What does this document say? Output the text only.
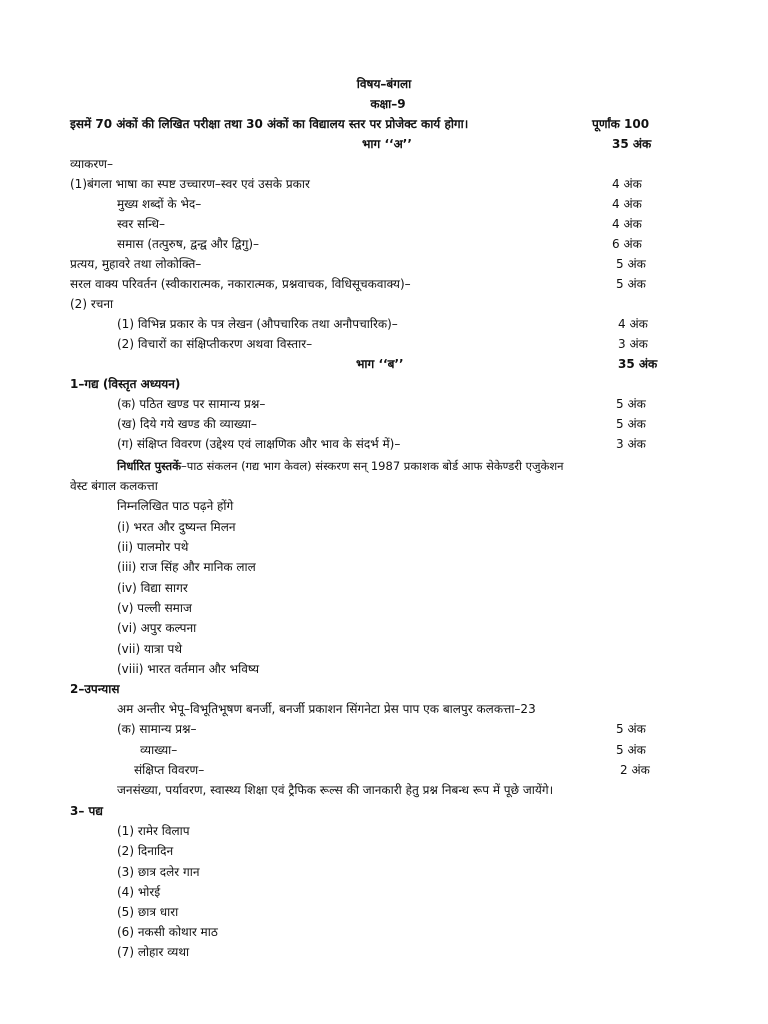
विषय–बंगला
कक्षा–9
इसमें 70 अंकों की लिखित परीक्षा तथा 30 अंकों का विद्यालय स्तर पर प्रोजेक्ट कार्य होगा।	पूर्णांक 100
भाग ‘‘अ’’	35 अंक
व्याकरण–
(1)बंगला भाषा का स्पष्ट उच्चारण–स्वर एवं उसके प्रकार	4 अंक
मुख्य शब्दों के भेद–	4 अंक
स्वर सन्धि–	4 अंक
समास (तत्पुरुष, द्वन्द्व और द्विगु)–	6 अंक
प्रत्यय, मुहावरे तथा लोकोक्ति–	5 अंक
सरल वाक्य परिवर्तन (स्वीकारात्मक, नकारात्मक, प्रश्नवाचक, विधिसूचकवाक्य)–	5 अंक
(2) रचना
(1) विभिन्न प्रकार के पत्र लेखन (औपचारिक तथा अनौपचारिक)–	4 अंक
(2) विचारों का संक्षिप्तीकरण अथवा विस्तार–	3 अंक
भाग ‘‘ब’’	35 अंक
1–गद्य (विस्तृत अध्ययन)
(क) पठित खण्ड पर सामान्य प्रश्न–	5 अंक
(ख) दिये गये खण्ड की व्याख्या–	5 अंक
(ग) संक्षिप्त विवरण (उद्देश्य एवं लाक्षणिक और भाव के संदर्भ में)–	3 अंक
निर्धारित पुस्तकें–पाठ संकलन (गद्य भाग केवल) संस्करण सन् 1987 प्रकाशक बोर्ड आफ सेकेण्डरी एजुकेशन
वेस्ट बंगाल कलकत्ता
निम्नलिखित पाठ पढ़ने होंगे
(i) भरत और दुष्यन्त मिलन
(ii) पालमोर पथे
(iii) राज सिंह और मानिक लाल
(iv) विद्या सागर
(v) पल्ली समाज
(vi) अपुर कल्पना
(vii) यात्रा पथे
(viii) भारत वर्तमान और भविष्य
2–उपन्यास
अम अन्तीर भेपू–विभूतिभूषण बनर्जी, बनर्जी प्रकाशन सिंगनेटा प्रेस पाप एक बालपुर कलकत्ता–23
(क) सामान्य प्रश्न–	5 अंक
व्याख्या–	5 अंक
संक्षिप्त विवरण–	2 अंक
जनसंख्या, पर्यावरण, स्वास्थ्य शिक्षा एवं ट्रैफिक रूल्स की जानकारी हेतु प्रश्न निबन्ध रूप में पूछे जायेंगे।
3– पद्य
(1) रामेर विलाप
(2) दिनादिन
(3) छात्र दलेर गान
(4) भोरई
(5) छात्र धारा
(6) नकसी कोथार माठ
(7) लोहार व्यथा
